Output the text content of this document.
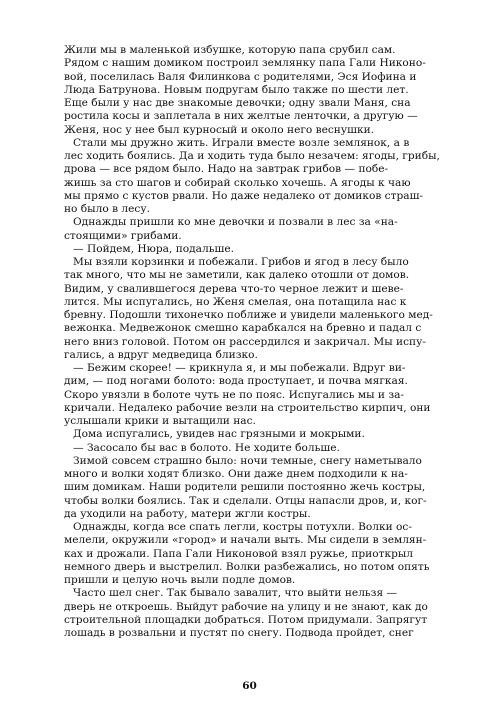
Жили мы в маленькой избушке, которую папа срубил сам.
Рядом с нашим домиком построил землянку папа Гали Никоно-
вой, поселилась Валя Филинкова с родителями, Эся Иофина и
Люда Батрунова. Новым подругам было также по шести лет.
Еще были у нас две знакомые девочки; одну звали Маня, сна
ростила косы и заплетала в них желтые ленточки, а другую —
Женя, нос у нее был курносый и около него веснушки.
Стали мы дружно жить. Играли вместе возле землянок, а в
лес ходить боялись. Да и ходить туда было незачем: ягоды, грибы,
дрова — все рядом было. Надо на завтрак грибов — побе-
жишь за сто шагов и собирай сколько хочешь. А ягоды к чаю
мы прямо с кустов рвали. Но даже недалеко от домиков страш-
но было в лесу.
Однажды пришли ко мне девочки и позвали в лес за «на-
стоящими» грибами.
— Пойдем, Нюра, подальше.
Мы взяли корзинки и побежали. Грибов и ягод в лесу было
так много, что мы не заметили, как далеко отошли от домов.
Видим, у свалившегося дерева что-то черное лежит и шеве-
лится. Мы испугались, но Женя смелая, она потащила нас к
бревну. Подошли тихонечко поближе и увидели маленького мед-
вежонка. Медвежонок смешно карабкался на бревно и падал с
него вниз головой. Потом он рассердился и закричал. Мы испу-
гались, а вдруг медведица близко.
— Бежим скорее! — крикнула я, и мы побежали. Вдруг ви-
дим, — под ногами болото: вода проступает, и почва мягкая.
Скоро увязли в болоте чуть не по пояс. Испугались мы и за-
кричали. Недалеко рабочие везли на строительство кирпич, они
услышали крики и вытащили нас.
Дома испугались, увидев нас грязными и мокрыми.
— Засосало бы вас в болото. Не ходите больше.
Зимой совсем страшно было: ночи темные, снегу наметывало
много и волки ходят близко. Они даже днем подходили к на-
шим домикам. Наши родители решили постоянно жечь костры,
чтобы волки боялись. Так и сделали. Отцы напасли дров, и, ког-
да уходили на работу, матери жгли костры.
Однажды, когда все спать легли, костры потухли. Волки ос-
мелели, окружили «город» и начали выть. Мы сидели в землян-
ках и дрожали. Папа Гали Никоновой взял ружье, приоткрыл
немного дверь и выстрелил. Волки разбежались, но потом опять
пришли и целую ночь выли подле домов.
Часто шел снег. Так бывало завалит, что выйти нельзя —
дверь не откроешь. Выйдут рабочие на улицу и не знают, как до
строительной площадки добраться. Потом придумали. Запрягут
лошадь в розвальни и пустят по снегу. Подвода пройдет, снег
60
